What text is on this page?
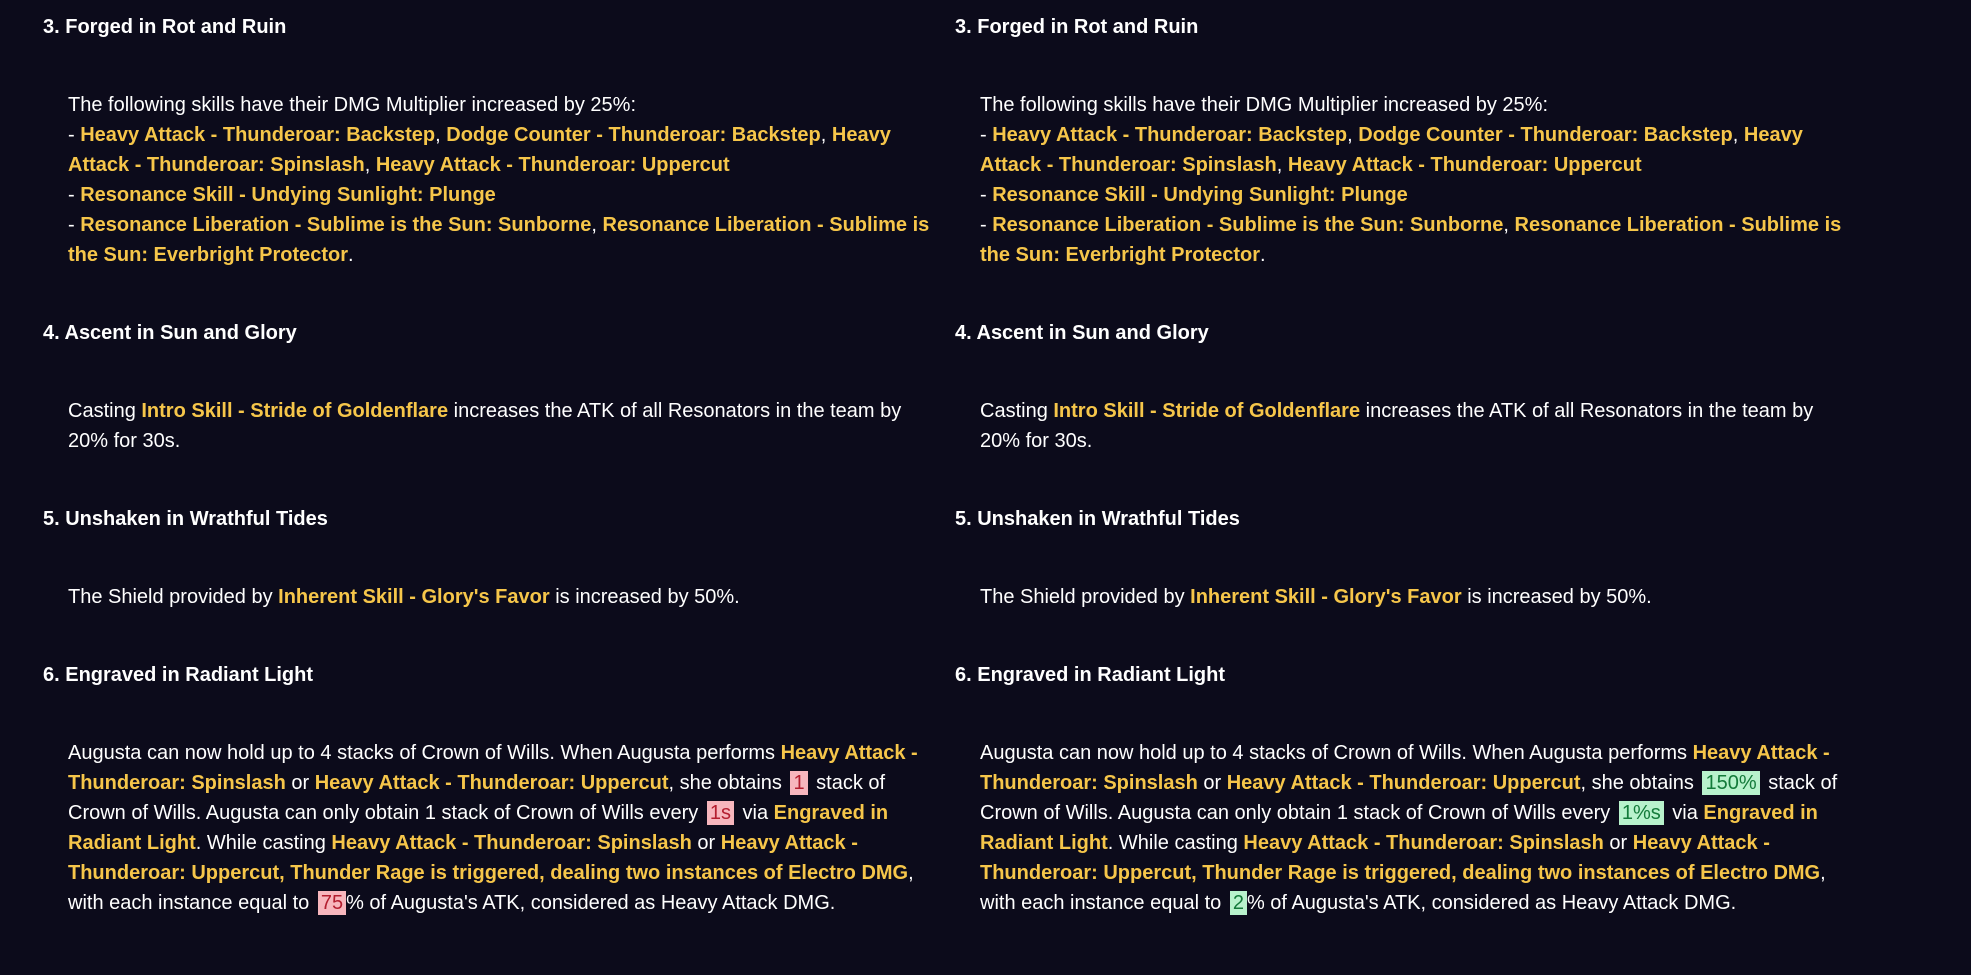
3. Forged in Rot and Ruin

The following skills have their DMG Multiplier increased by 25%:

- Heavy Attack - Thunderoar: Backstep, Dodge Counter - Thunderoar: Backstep, Heavy Attack - Thunderoar: Spinslash, Heavy Attack - Thunderoar: Uppercut

- Resonance Skill - Undying Sunlight: Plunge

- Resonance Liberation - Sublime is the Sun: Sunborne, Resonance Liberation - Sublime is the Sun: Everbright Protector.

4. Ascent in Sun and Glory

Casting Intro Skill - Stride of Goldenflare increases the ATK of all Resonators in the team by 20% for 30s.

5. Unshaken in Wrathful Tides

The Shield provided by Inherent Skill - Glory's Favor is increased by 50%.

6. Engraved in Radiant Light

Augusta can now hold up to 4 stacks of Crown of Wills. When Augusta performs Heavy Attack - Thunderoar: Spinslash or Heavy Attack - Thunderoar: Uppercut, she obtains 1 stack of Crown of Wills. Augusta can only obtain 1 stack of Crown of Wills every 1s via Engraved in Radiant Light. While casting Heavy Attack - Thunderoar: Spinslash or Heavy Attack - Thunderoar: Uppercut, Thunder Rage is triggered, dealing two instances of Electro DMG, with each instance equal to 75 % of Augusta's ATK, considered as Heavy Attack DMG.

3. Forged in Rot and Ruin

The following skills have their DMG Multiplier increased by 25%:

- Heavy Attack - Thunderoar: Backstep, Dodge Counter - Thunderoar: Backstep, Heavy Attack - Thunderoar: Spinslash, Heavy Attack - Thunderoar: Uppercut

- Resonance Skill - Undying Sunlight: Plunge

- Resonance Liberation - Sublime is the Sun: Sunborne, Resonance Liberation - Sublime is the Sun: Everbright Protector.

4. Ascent in Sun and Glory

Casting Intro Skill - Stride of Goldenflare increases the ATK of all Resonators in the team by 20% for 30s.

5. Unshaken in Wrathful Tides

The Shield provided by Inherent Skill - Glory's Favor is increased by 50%.

6. Engraved in Radiant Light

Augusta can now hold up to 4 stacks of Crown of Wills. When Augusta performs Heavy Attack - Thunderoar: Spinslash or Heavy Attack - Thunderoar: Uppercut, she obtains 150% stack of Crown of Wills. Augusta can only obtain 1 stack of Crown of Wills every 1%s via Engraved in Radiant Light. While casting Heavy Attack - Thunderoar: Spinslash or Heavy Attack - Thunderoar: Uppercut, Thunder Rage is triggered, dealing two instances of Electro DMG, with each instance equal to 2 % of Augusta's ATK, considered as Heavy Attack DMG.
